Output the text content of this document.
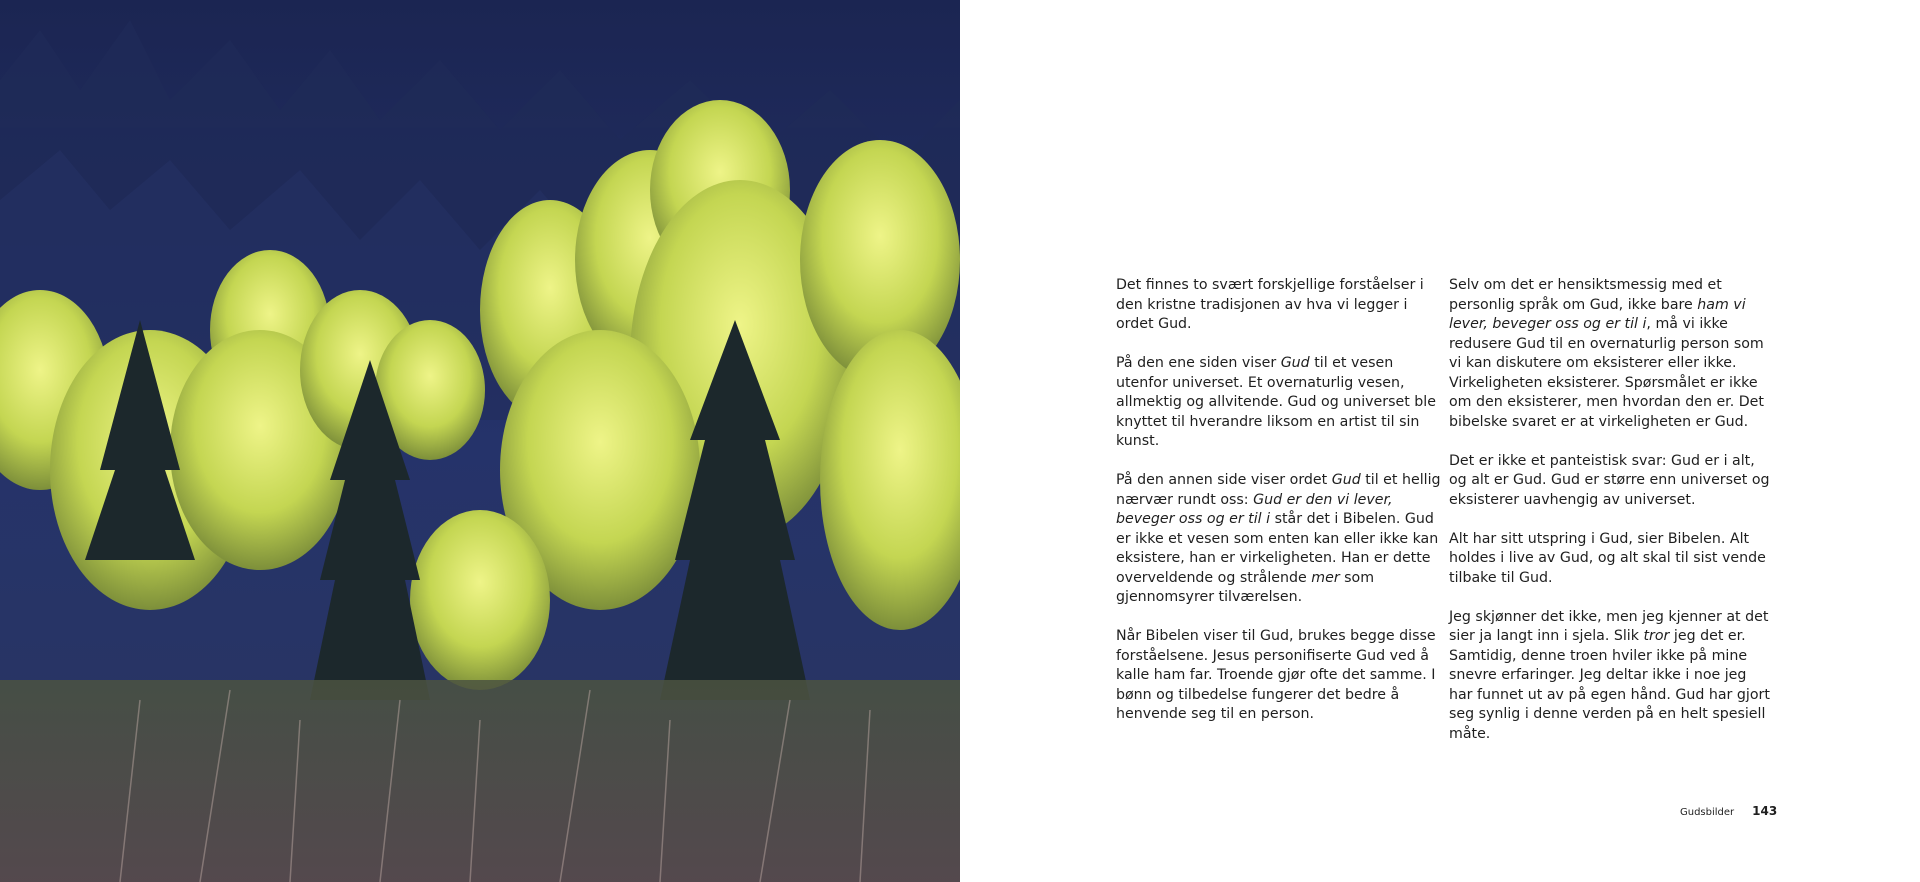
Det finnes to svært forskjellige forståelser i den kristne tradisjonen av hva vi legger i ordet Gud.

På den ene siden viser Gud til et vesen utenfor universet. Et overnaturlig vesen, allmektig og allvitende. Gud og universet ble knyttet til hverandre liksom en artist til sin kunst.

På den annen side viser ordet Gud til et hellig nærvær rundt oss: Gud er den vi lever, beveger oss og er til i står det i Bibelen. Gud er ikke et vesen som enten kan eller ikke kan eksistere, han er virkeligheten. Han er dette overveldende og strålende mer som gjennomsyrer tilværelsen.

Når Bibelen viser til Gud, brukes begge disse forståelsene. Jesus personifiserte Gud ved å kalle ham far. Troende gjør ofte det samme. I bønn og tilbedelse fungerer det bedre å henvende seg til en person.

Selv om det er hensiktsmessig med et personlig språk om Gud, ikke bare ham vi lever, beveger oss og er til i, må vi ikke redusere Gud til en overnaturlig person som vi kan diskutere om eksisterer eller ikke. Virkeligheten eksisterer. Spørsmålet er ikke om den eksisterer, men hvordan den er. Det bibelske svaret er at virkeligheten er Gud.

Det er ikke et panteistisk svar: Gud er i alt, og alt er Gud. Gud er større enn universet og eksisterer uavhengig av universet.

Alt har sitt utspring i Gud, sier Bibelen. Alt holdes i live av Gud, og alt skal til sist vende tilbake til Gud.

Jeg skjønner det ikke, men jeg kjenner at det sier ja langt inn i sjela. Slik tror jeg det er. Samtidig, denne troen hviler ikke på mine snevre erfaringer. Jeg deltar ikke i noe jeg har funnet ut av på egen hånd. Gud har gjort seg synlig i denne verden på en helt spesiell måte.

Gudsbilder 143
